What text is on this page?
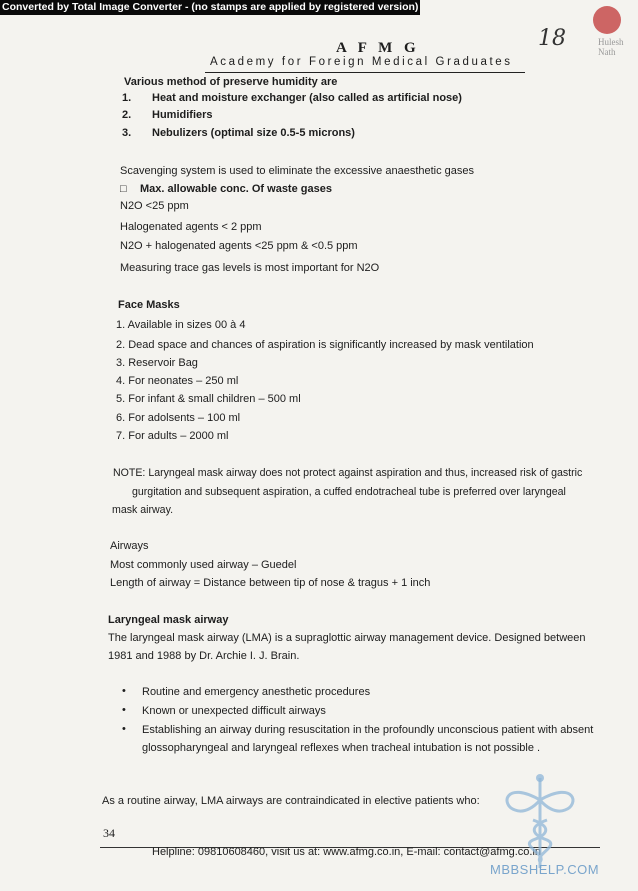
Converted by Total Image Converter - (no stamps are applied by registered version)
Hulesh Nath
18
A F M G
Academy for Foreign Medical Graduates
Various method of preserve humidity are
1. Heat and moisture exchanger (also called as artificial nose)
2. Humidifiers
3. Nebulizers (optimal size 0.5-5 microns)
Scavenging system is used to eliminate the excessive anaesthetic gases
□ Max. allowable conc. Of waste gases
N2O <25 ppm
Halogenated agents < 2 ppm
N2O + halogenated agents <25 ppm & <0.5 ppm
Measuring trace gas levels is most important for N2O
Face Masks
1. Available in sizes 00 à 4
2. Dead space and chances of aspiration is significantly increased by mask ventilation
3. Reservoir Bag
4. For neonates – 250 ml
5. For infant & small children – 500 ml
6. For adolsents – 100 ml
7. For adults – 2000 ml
NOTE: Laryngeal mask airway does not protect against aspiration and thus, increased risk of gastric
gurgitation and subsequent aspiration, a cuffed endotracheal tube is preferred over laryngeal
mask airway.
Airways
Most commonly used airway – Guedel
Length of airway = Distance between tip of nose & tragus + 1 inch
Laryngeal mask airway
The laryngeal mask airway (LMA) is a supraglottic airway management device. Designed between
1981 and 1988 by Dr. Archie I. J. Brain.
• Routine and emergency anesthetic procedures
• Known or unexpected difficult airways
• Establishing an airway during resuscitation in the profoundly unconscious patient with absent
glossopharyngeal and laryngeal reflexes when tracheal intubation is not possible .
As a routine airway, LMA airways are contraindicated in elective patients who:
34
Helpline: 09810608460, visit us at: www.afmg.co.in, E-mail: contact@afmg.co.in
MBBSHELP.COM
